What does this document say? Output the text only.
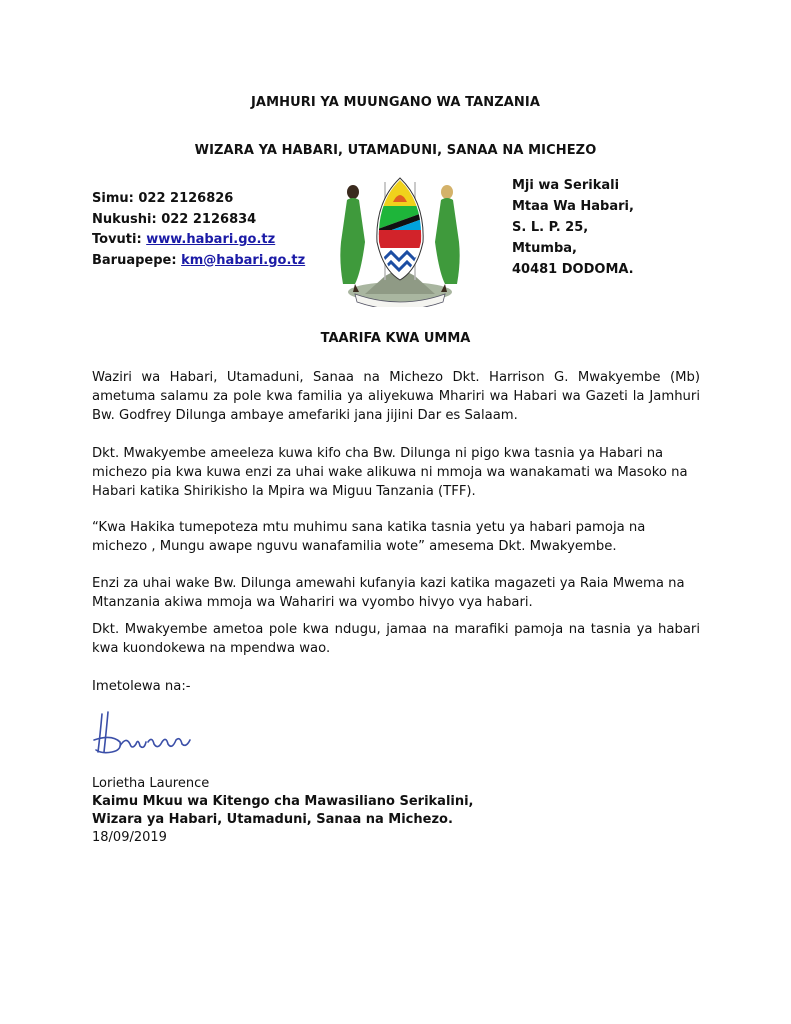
JAMHURI YA MUUNGANO WA TANZANIA
WIZARA YA HABARI, UTAMADUNI, SANAA NA MICHEZO
Simu: 022 2126826
Nukushi: 022 2126834
Tovuti: www.habari.go.tz
Baruapepe: km@habari.go.tz
Mji wa Serikali
Mtaa Wa Habari,
S. L. P. 25,
Mtumba,
40481 DODOMA.
TAARIFA KWA UMMA
Waziri wa Habari, Utamaduni, Sanaa na Michezo Dkt. Harrison G. Mwakyembe (Mb) ametuma salamu za pole kwa familia ya aliyekuwa Mhariri wa Habari wa Gazeti la Jamhuri Bw. Godfrey Dilunga ambaye amefariki jana jijini Dar es Salaam.
Dkt. Mwakyembe ameeleza kuwa kifo cha Bw. Dilunga ni pigo kwa tasnia ya Habari na michezo pia kwa kuwa enzi za uhai wake alikuwa ni mmoja wa wanakamati wa Masoko na Habari katika Shirikisho la Mpira wa Miguu Tanzania (TFF).
“Kwa Hakika tumepoteza mtu muhimu sana katika tasnia yetu ya habari pamoja na michezo , Mungu awape nguvu wanafamilia wote” amesema Dkt. Mwakyembe.
Enzi za uhai wake Bw. Dilunga amewahi kufanyia kazi katika magazeti ya Raia Mwema na Mtanzania akiwa mmoja wa Wahariri wa vyombo hivyo vya habari.
Dkt. Mwakyembe ametoa pole kwa ndugu, jamaa na marafiki pamoja na tasnia ya habari kwa kuondokewa na mpendwa wao.
Imetolewa na:-
Lorietha Laurence
Kaimu Mkuu wa Kitengo cha Mawasiliano Serikalini,
Wizara ya Habari, Utamaduni, Sanaa na Michezo.
18/09/2019
